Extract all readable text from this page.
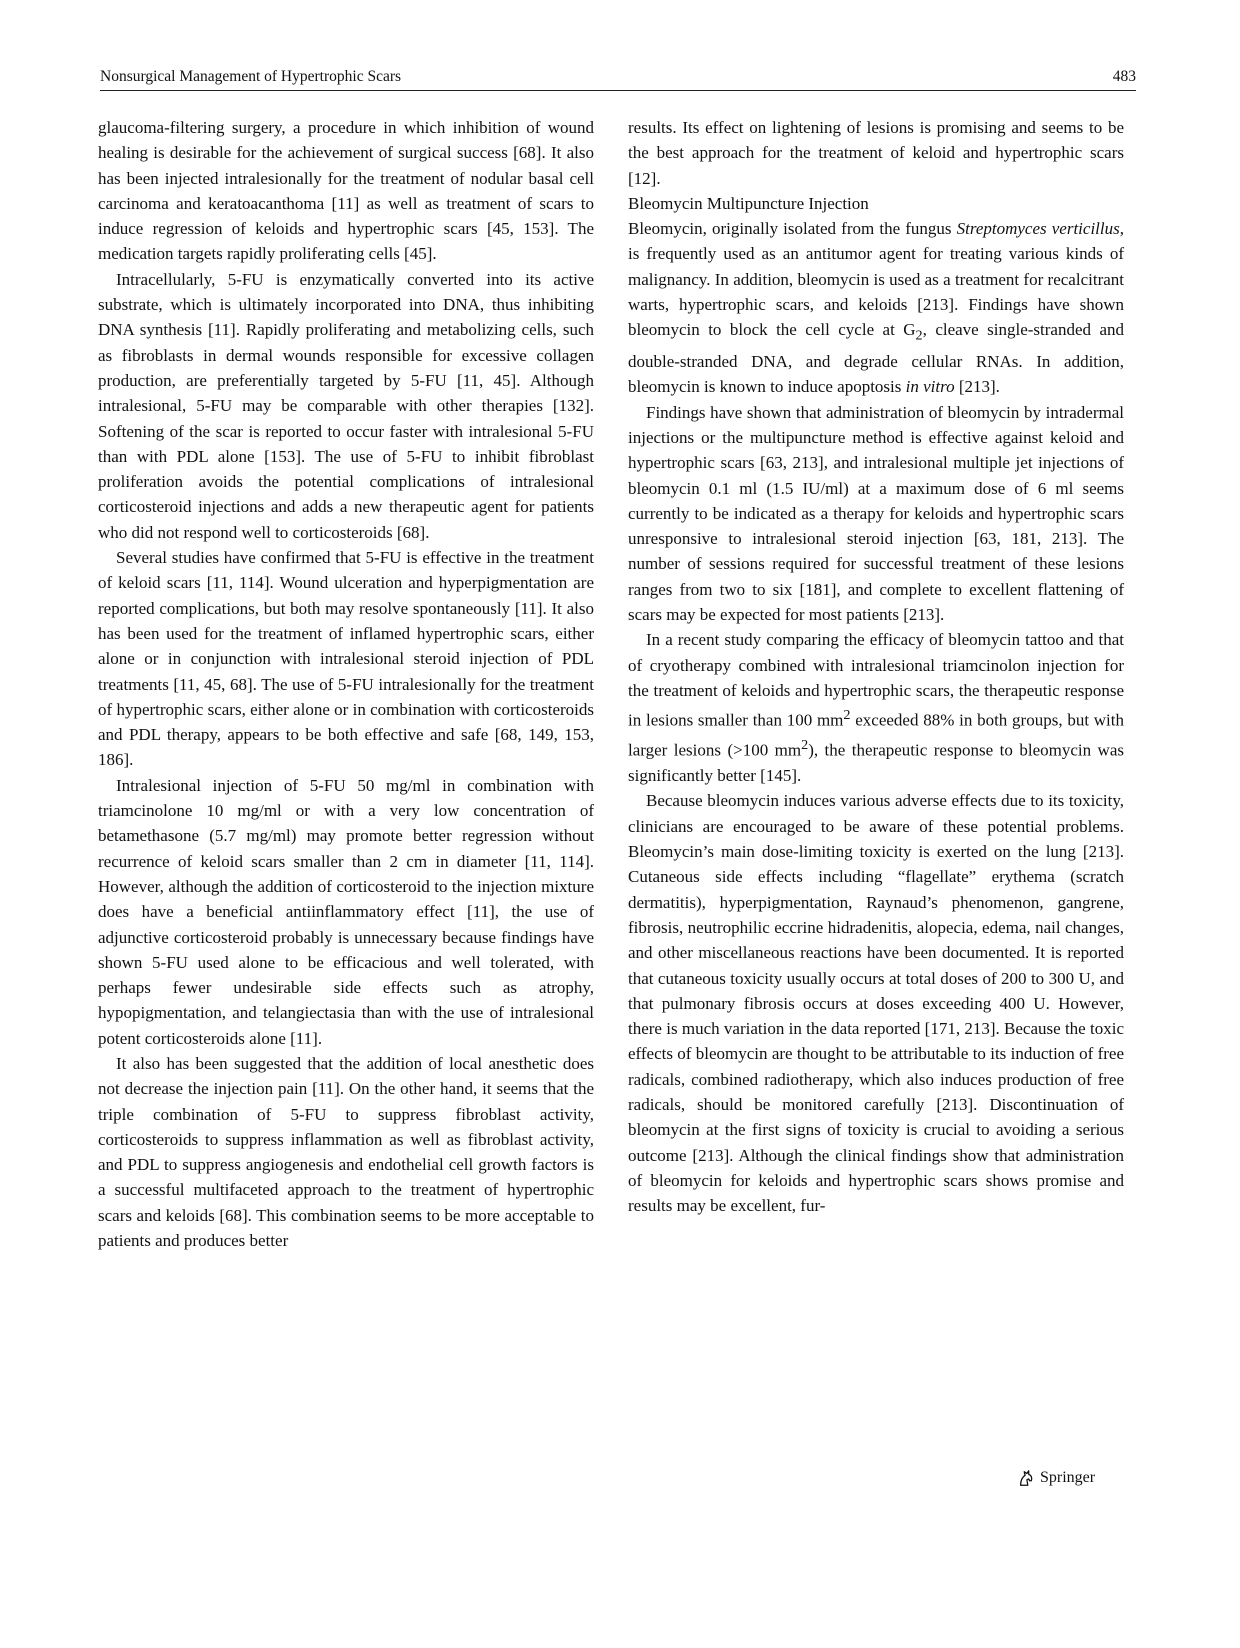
Nonsurgical Management of Hypertrophic Scars	483

glaucoma-filtering surgery, a procedure in which inhibition of wound healing is desirable for the achievement of surgical success [68]. It also has been injected intralesionally for the treatment of nodular basal cell carcinoma and keratoacanthoma [11] as well as treatment of scars to induce regression of keloids and hypertrophic scars [45, 153]. The medication targets rapidly proliferating cells [45].

Intracellularly, 5-FU is enzymatically converted into its active substrate, which is ultimately incorporated into DNA, thus inhibiting DNA synthesis [11]. Rapidly proliferating and metabolizing cells, such as fibroblasts in dermal wounds responsible for excessive collagen production, are preferentially targeted by 5-FU [11, 45]. Although intralesional, 5-FU may be comparable with other therapies [132]. Softening of the scar is reported to occur faster with intralesional 5-FU than with PDL alone [153]. The use of 5-FU to inhibit fibroblast proliferation avoids the potential complications of intralesional corticosteroid injections and adds a new therapeutic agent for patients who did not respond well to corticosteroids [68].

Several studies have confirmed that 5-FU is effective in the treatment of keloid scars [11, 114]. Wound ulceration and hyperpigmentation are reported complications, but both may resolve spontaneously [11]. It also has been used for the treatment of inflamed hypertrophic scars, either alone or in conjunction with intralesional steroid injection of PDL treatments [11, 45, 68]. The use of 5-FU intralesionally for the treatment of hypertrophic scars, either alone or in combination with corticosteroids and PDL therapy, appears to be both effective and safe [68, 149, 153, 186].

Intralesional injection of 5-FU 50 mg/ml in combination with triamcinolone 10 mg/ml or with a very low concentration of betamethasone (5.7 mg/ml) may promote better regression without recurrence of keloid scars smaller than 2 cm in diameter [11, 114]. However, although the addition of corticosteroid to the injection mixture does have a beneficial antiinflammatory effect [11], the use of adjunctive corticosteroid probably is unnecessary because findings have shown 5-FU used alone to be efficacious and well tolerated, with perhaps fewer undesirable side effects such as atrophy, hypopigmentation, and telangiectasia than with the use of intralesional potent corticosteroids alone [11].

It also has been suggested that the addition of local anesthetic does not decrease the injection pain [11]. On the other hand, it seems that the triple combination of 5-FU to suppress fibroblast activity, corticosteroids to suppress inflammation as well as fibroblast activity, and PDL to suppress angiogenesis and endothelial cell growth factors is a successful multifaceted approach to the treatment of hypertrophic scars and keloids [68]. This combination seems to be more acceptable to patients and produces better

results. Its effect on lightening of lesions is promising and seems to be the best approach for the treatment of keloid and hypertrophic scars [12].

Bleomycin Multipuncture Injection

Bleomycin, originally isolated from the fungus Streptomyces verticillus, is frequently used as an antitumor agent for treating various kinds of malignancy. In addition, bleomycin is used as a treatment for recalcitrant warts, hypertrophic scars, and keloids [213]. Findings have shown bleomycin to block the cell cycle at $G_2$, cleave single-stranded and double-stranded DNA, and degrade cellular RNAs. In addition, bleomycin is known to induce apoptosis in vitro [213].

Findings have shown that administration of bleomycin by intradermal injections or the multipuncture method is effective against keloid and hypertrophic scars [63, 213], and intralesional multiple jet injections of bleomycin 0.1 ml (1.5 IU/ml) at a maximum dose of 6 ml seems currently to be indicated as a therapy for keloids and hypertrophic scars unresponsive to intralesional steroid injection [63, 181, 213]. The number of sessions required for successful treatment of these lesions ranges from two to six [181], and complete to excellent flattening of scars may be expected for most patients [213].

In a recent study comparing the efficacy of bleomycin tattoo and that of cryotherapy combined with intralesional triamcinolon injection for the treatment of keloids and hypertrophic scars, the therapeutic response in lesions smaller than 100 $mm^2$ exceeded 88% in both groups, but with larger lesions (>100 $mm^2$), the therapeutic response to bleomycin was significantly better [145].

Because bleomycin induces various adverse effects due to its toxicity, clinicians are encouraged to be aware of these potential problems. Bleomycin’s main dose-limiting toxicity is exerted on the lung [213]. Cutaneous side effects including “flagellate” erythema (scratch dermatitis), hyperpigmentation, Raynaud’s phenomenon, gangrene, fibrosis, neutrophilic eccrine hidradenitis, alopecia, edema, nail changes, and other miscellaneous reactions have been documented. It is reported that cutaneous toxicity usually occurs at total doses of 200 to 300 U, and that pulmonary fibrosis occurs at doses exceeding 400 U. However, there is much variation in the data reported [171, 213]. Because the toxic effects of bleomycin are thought to be attributable to its induction of free radicals, combined radiotherapy, which also induces production of free radicals, should be monitored carefully [213]. Discontinuation of bleomycin at the first signs of toxicity is crucial to avoiding a serious outcome [213]. Although the clinical findings show that administration of bleomycin for keloids and hypertrophic scars shows promise and results may be excellent, fur-

Springer
